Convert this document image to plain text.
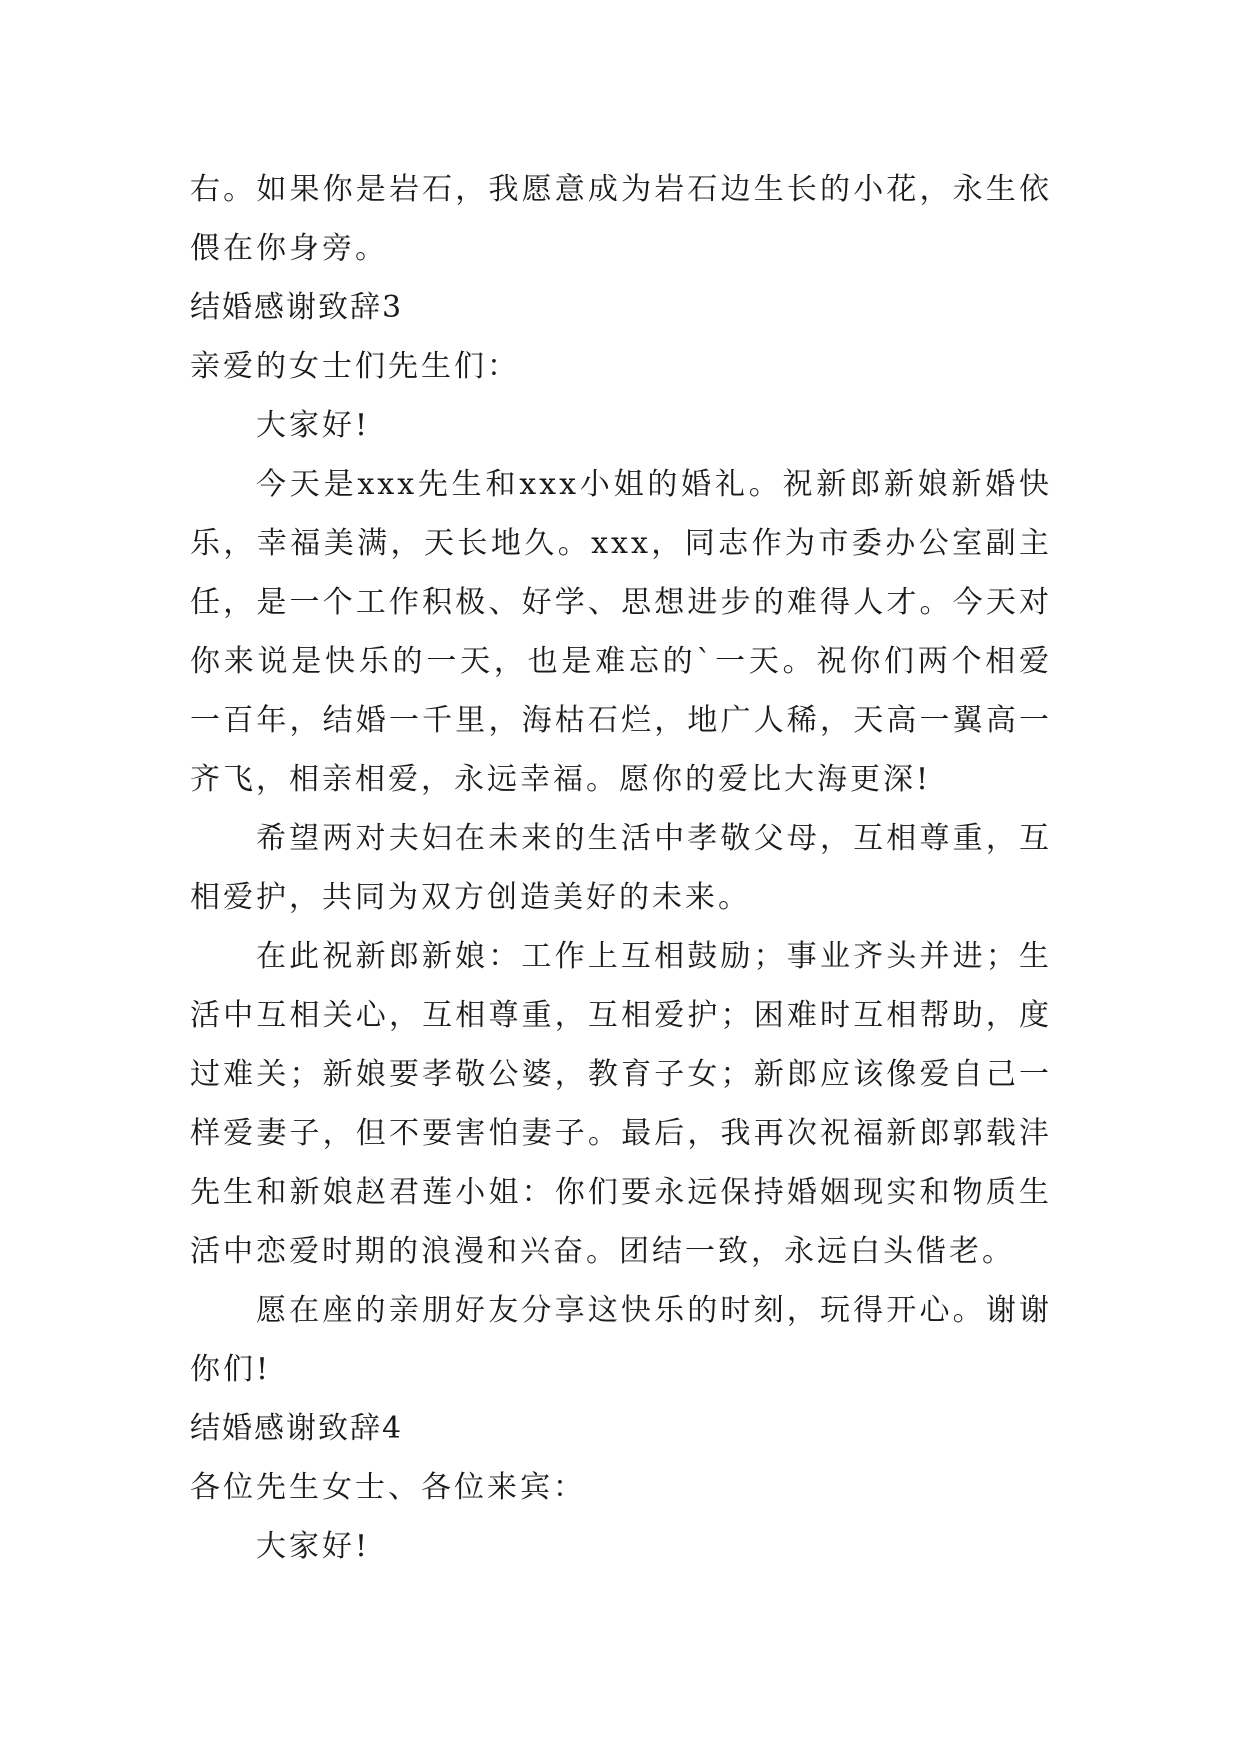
右。如果你是岩石，我愿意成为岩石边生长的小花，永生依

偎在你身旁。

结婚感谢致辞3

亲爱的女士们先生们：

大家好!

今天是xxx先生和xxx小姐的婚礼。祝新郎新娘新婚快

乐，幸福美满，天长地久。xxx，同志作为市委办公室副主

任，是一个工作积极、好学、思想进步的难得人才。今天对

你来说是快乐的一天，也是难忘的`一天。祝你们两个相爱

一百年，结婚一千里，海枯石烂，地广人稀，天高一翼高一

齐飞，相亲相爱，永远幸福。愿你的爱比大海更深!

希望两对夫妇在未来的生活中孝敬父母，互相尊重，互

相爱护，共同为双方创造美好的未来。

在此祝新郎新娘：工作上互相鼓励；事业齐头并进；生

活中互相关心，互相尊重，互相爱护；困难时互相帮助，度

过难关；新娘要孝敬公婆，教育子女；新郎应该像爱自己一

样爱妻子，但不要害怕妻子。最后，我再次祝福新郎郭载沣

先生和新娘赵君莲小姐：你们要永远保持婚姻现实和物质生

活中恋爱时期的浪漫和兴奋。团结一致，永远白头偕老。

愿在座的亲朋好友分享这快乐的时刻，玩得开心。谢谢

你们!

结婚感谢致辞4

各位先生女士、各位来宾：

大家好!
